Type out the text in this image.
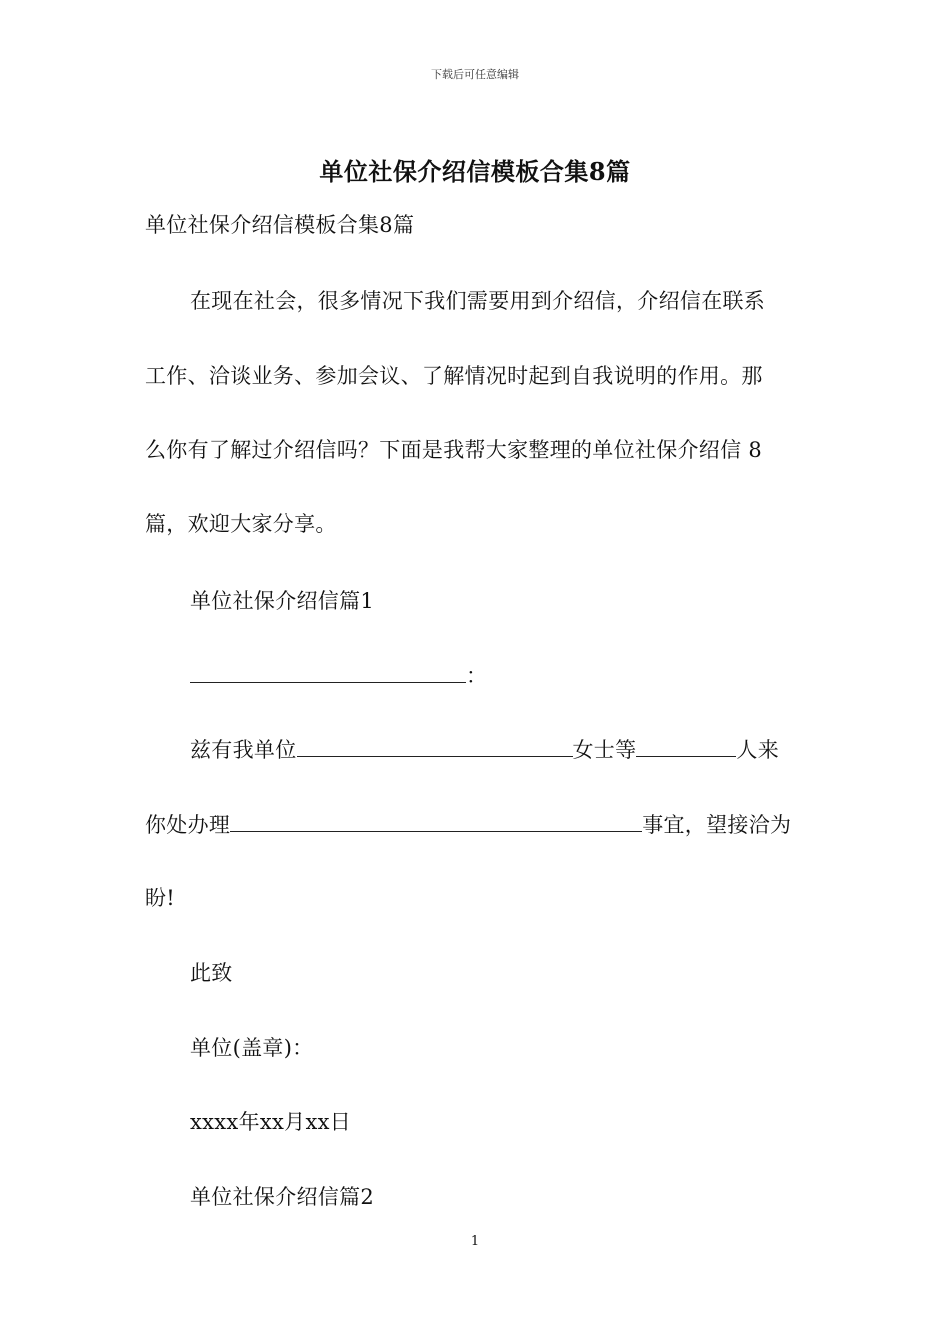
下载后可任意编辑
单位社保介绍信模板合集8篇
单位社保介绍信模板合集8篇
在现在社会，很多情况下我们需要用到介绍信，介绍信在联系
工作、洽谈业务、参加会议、了解情况时起到自我说明的作用。那
么你有了解过介绍信吗？下面是我帮大家整理的单位社保介绍信 8
篇，欢迎大家分享。
单位社保介绍信篇1
：
兹有我单位	女士等	人来
你处办理	事宜，望接洽为
盼!
此致
单位(盖章)：
xxxx年xx月xx日
单位社保介绍信篇2
1
